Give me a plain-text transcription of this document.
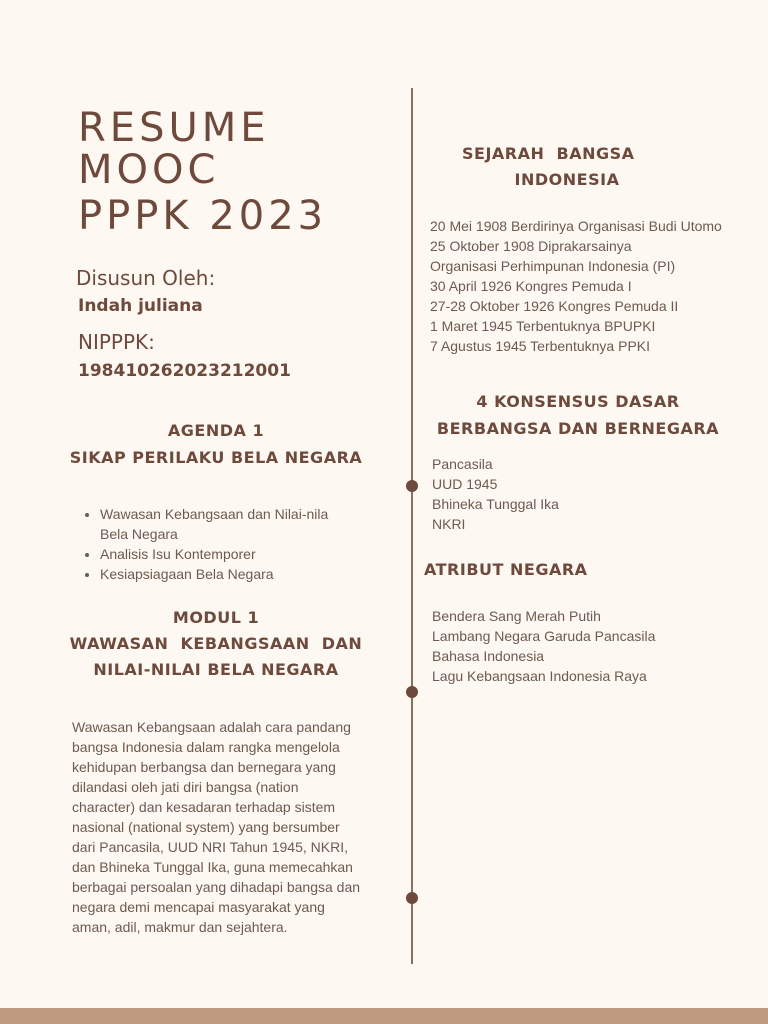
RESUME
MOOC
PPPK 2023
Disusun Oleh:
Indah juliana
NIPPPK:
198410262023212001
AGENDA 1
SIKAP PERILAKU BELA NEGARA
• Wawasan Kebangsaan dan Nilai-nila Bela Negara
• Analisis Isu Kontemporer
• Kesiapsiagaan Bela Negara
MODUL 1
WAWASAN  KEBANGSAAN  DAN
NILAI-NILAI BELA NEGARA
Wawasan Kebangsaan adalah cara pandang bangsa Indonesia dalam rangka mengelola kehidupan berbangsa dan bernegara yang dilandasi oleh jati diri bangsa (nation character) dan kesadaran terhadap sistem nasional (national system) yang bersumber dari Pancasila, UUD NRI Tahun 1945, NKRI, dan Bhineka Tunggal Ika, guna memecahkan berbagai persoalan yang dihadapi bangsa dan negara demi mencapai masyarakat yang aman, adil, makmur dan sejahtera.
SEJARAH  BANGSA
INDONESIA
20 Mei 1908 Berdirinya Organisasi Budi Utomo
25 Oktober 1908 Diprakarsainya
Organisasi Perhimpunan Indonesia (PI)
30 April 1926 Kongres Pemuda I
27-28 Oktober 1926 Kongres Pemuda II
1 Maret 1945 Terbentuknya BPUPKI
7 Agustus 1945 Terbentuknya PPKI
4 KONSENSUS DASAR
BERBANGSA DAN BERNEGARA
Pancasila
UUD 1945
Bhineka Tunggal Ika
NKRI
ATRIBUT NEGARA
Bendera Sang Merah Putih
Lambang Negara Garuda Pancasila
Bahasa Indonesia
Lagu Kebangsaan Indonesia Raya
